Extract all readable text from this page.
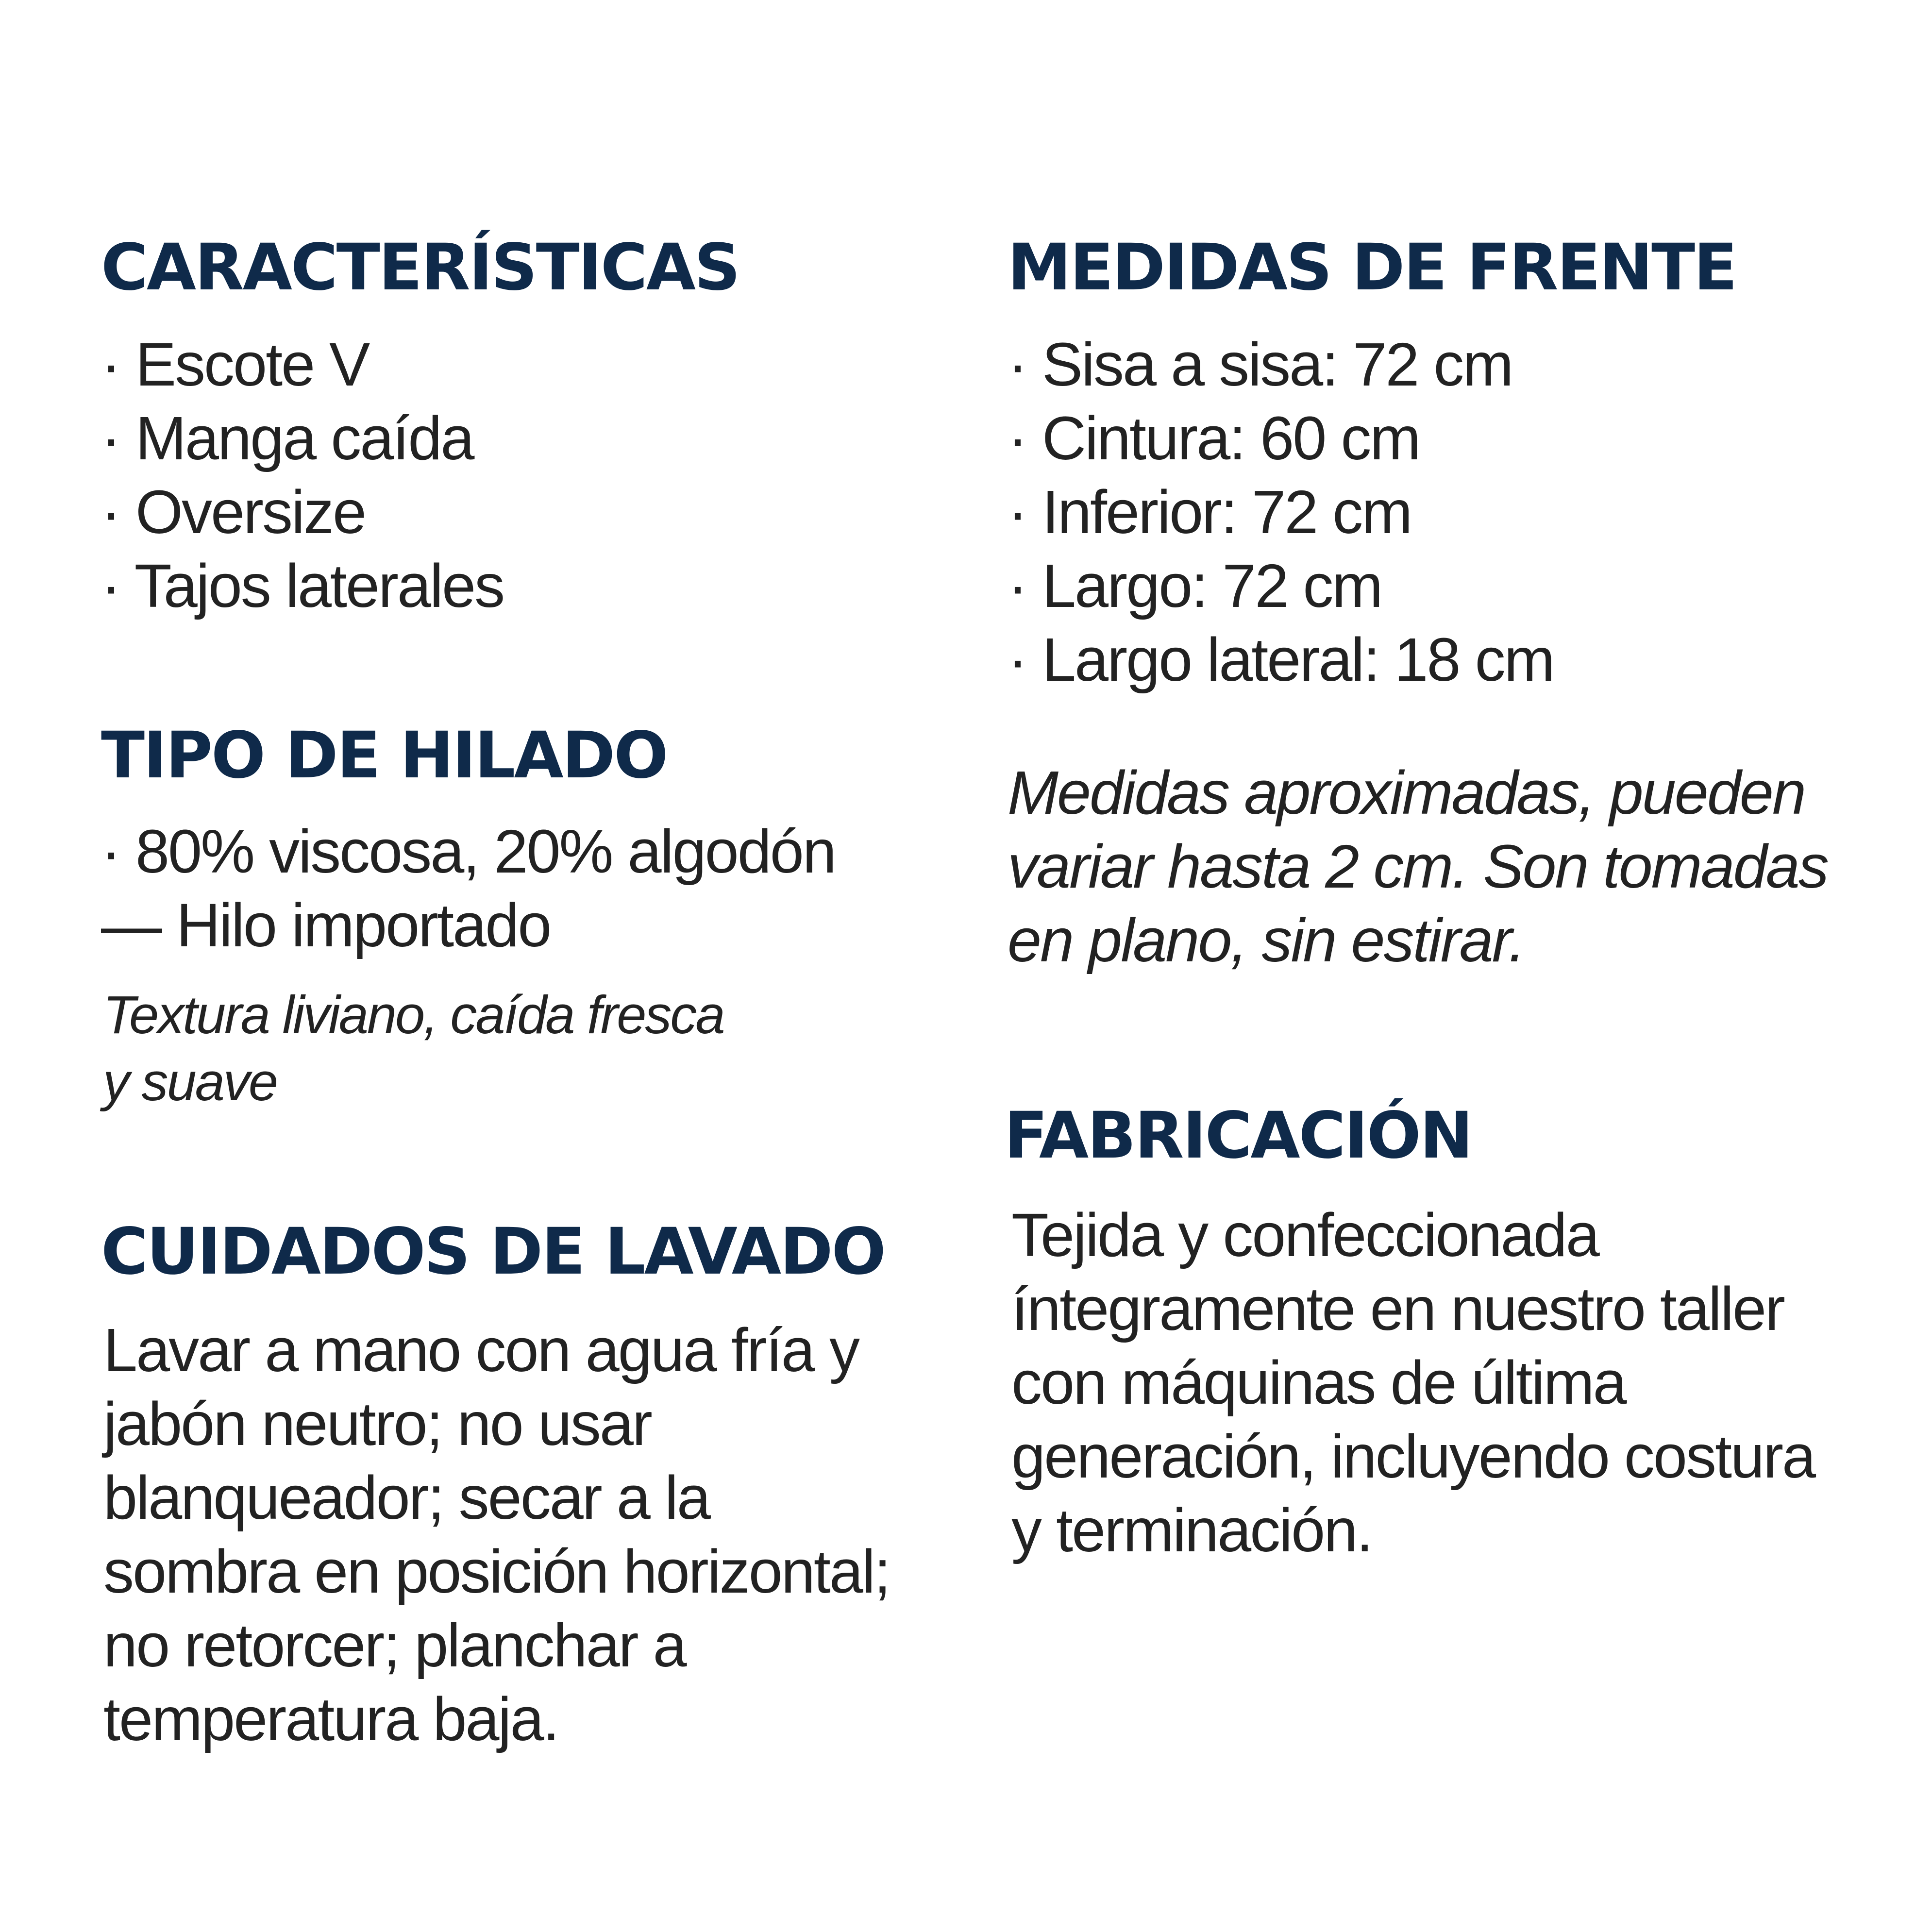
CARACTERÍSTICAS
· Escote V
· Manga caída
· Oversize
· Tajos laterales
TIPO DE HILADO
· 80% viscosa, 20% algodón
— Hilo importado
Textura liviano, caída fresca
y suave
CUIDADOS DE LAVADO
Lavar a mano con agua fría y
jabón neutro; no usar
blanqueador; secar a la
sombra en posición horizontal;
no retorcer; planchar a
temperatura baja.
MEDIDAS DE FRENTE
· Sisa a sisa: 72 cm
· Cintura: 60 cm
· Inferior: 72 cm
· Largo: 72 cm
· Largo lateral: 18 cm
Medidas aproximadas, pueden
variar hasta 2 cm. Son tomadas
en plano, sin estirar.
FABRICACIÓN
Tejida y confeccionada
íntegramente en nuestro taller
con máquinas de última
generación, incluyendo costura
y terminación.
